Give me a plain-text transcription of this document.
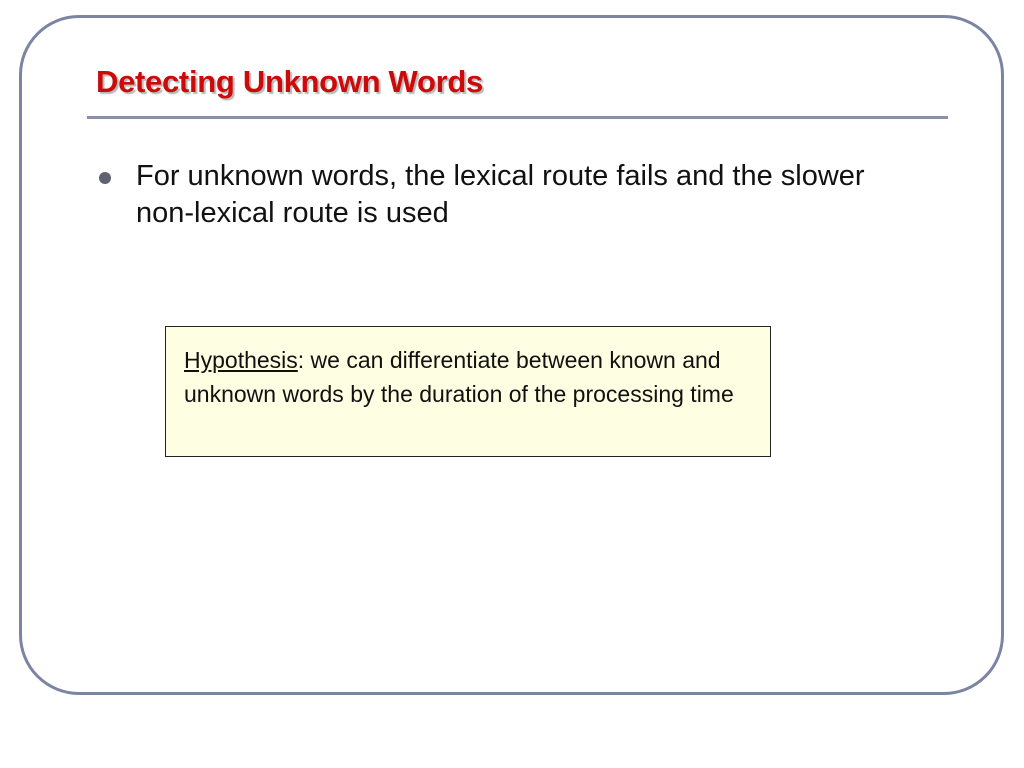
Detecting Unknown Words
For unknown words, the lexical route fails and the slower non-lexical route is used
Hypothesis: we can differentiate between known and unknown words by the duration of the processing time
